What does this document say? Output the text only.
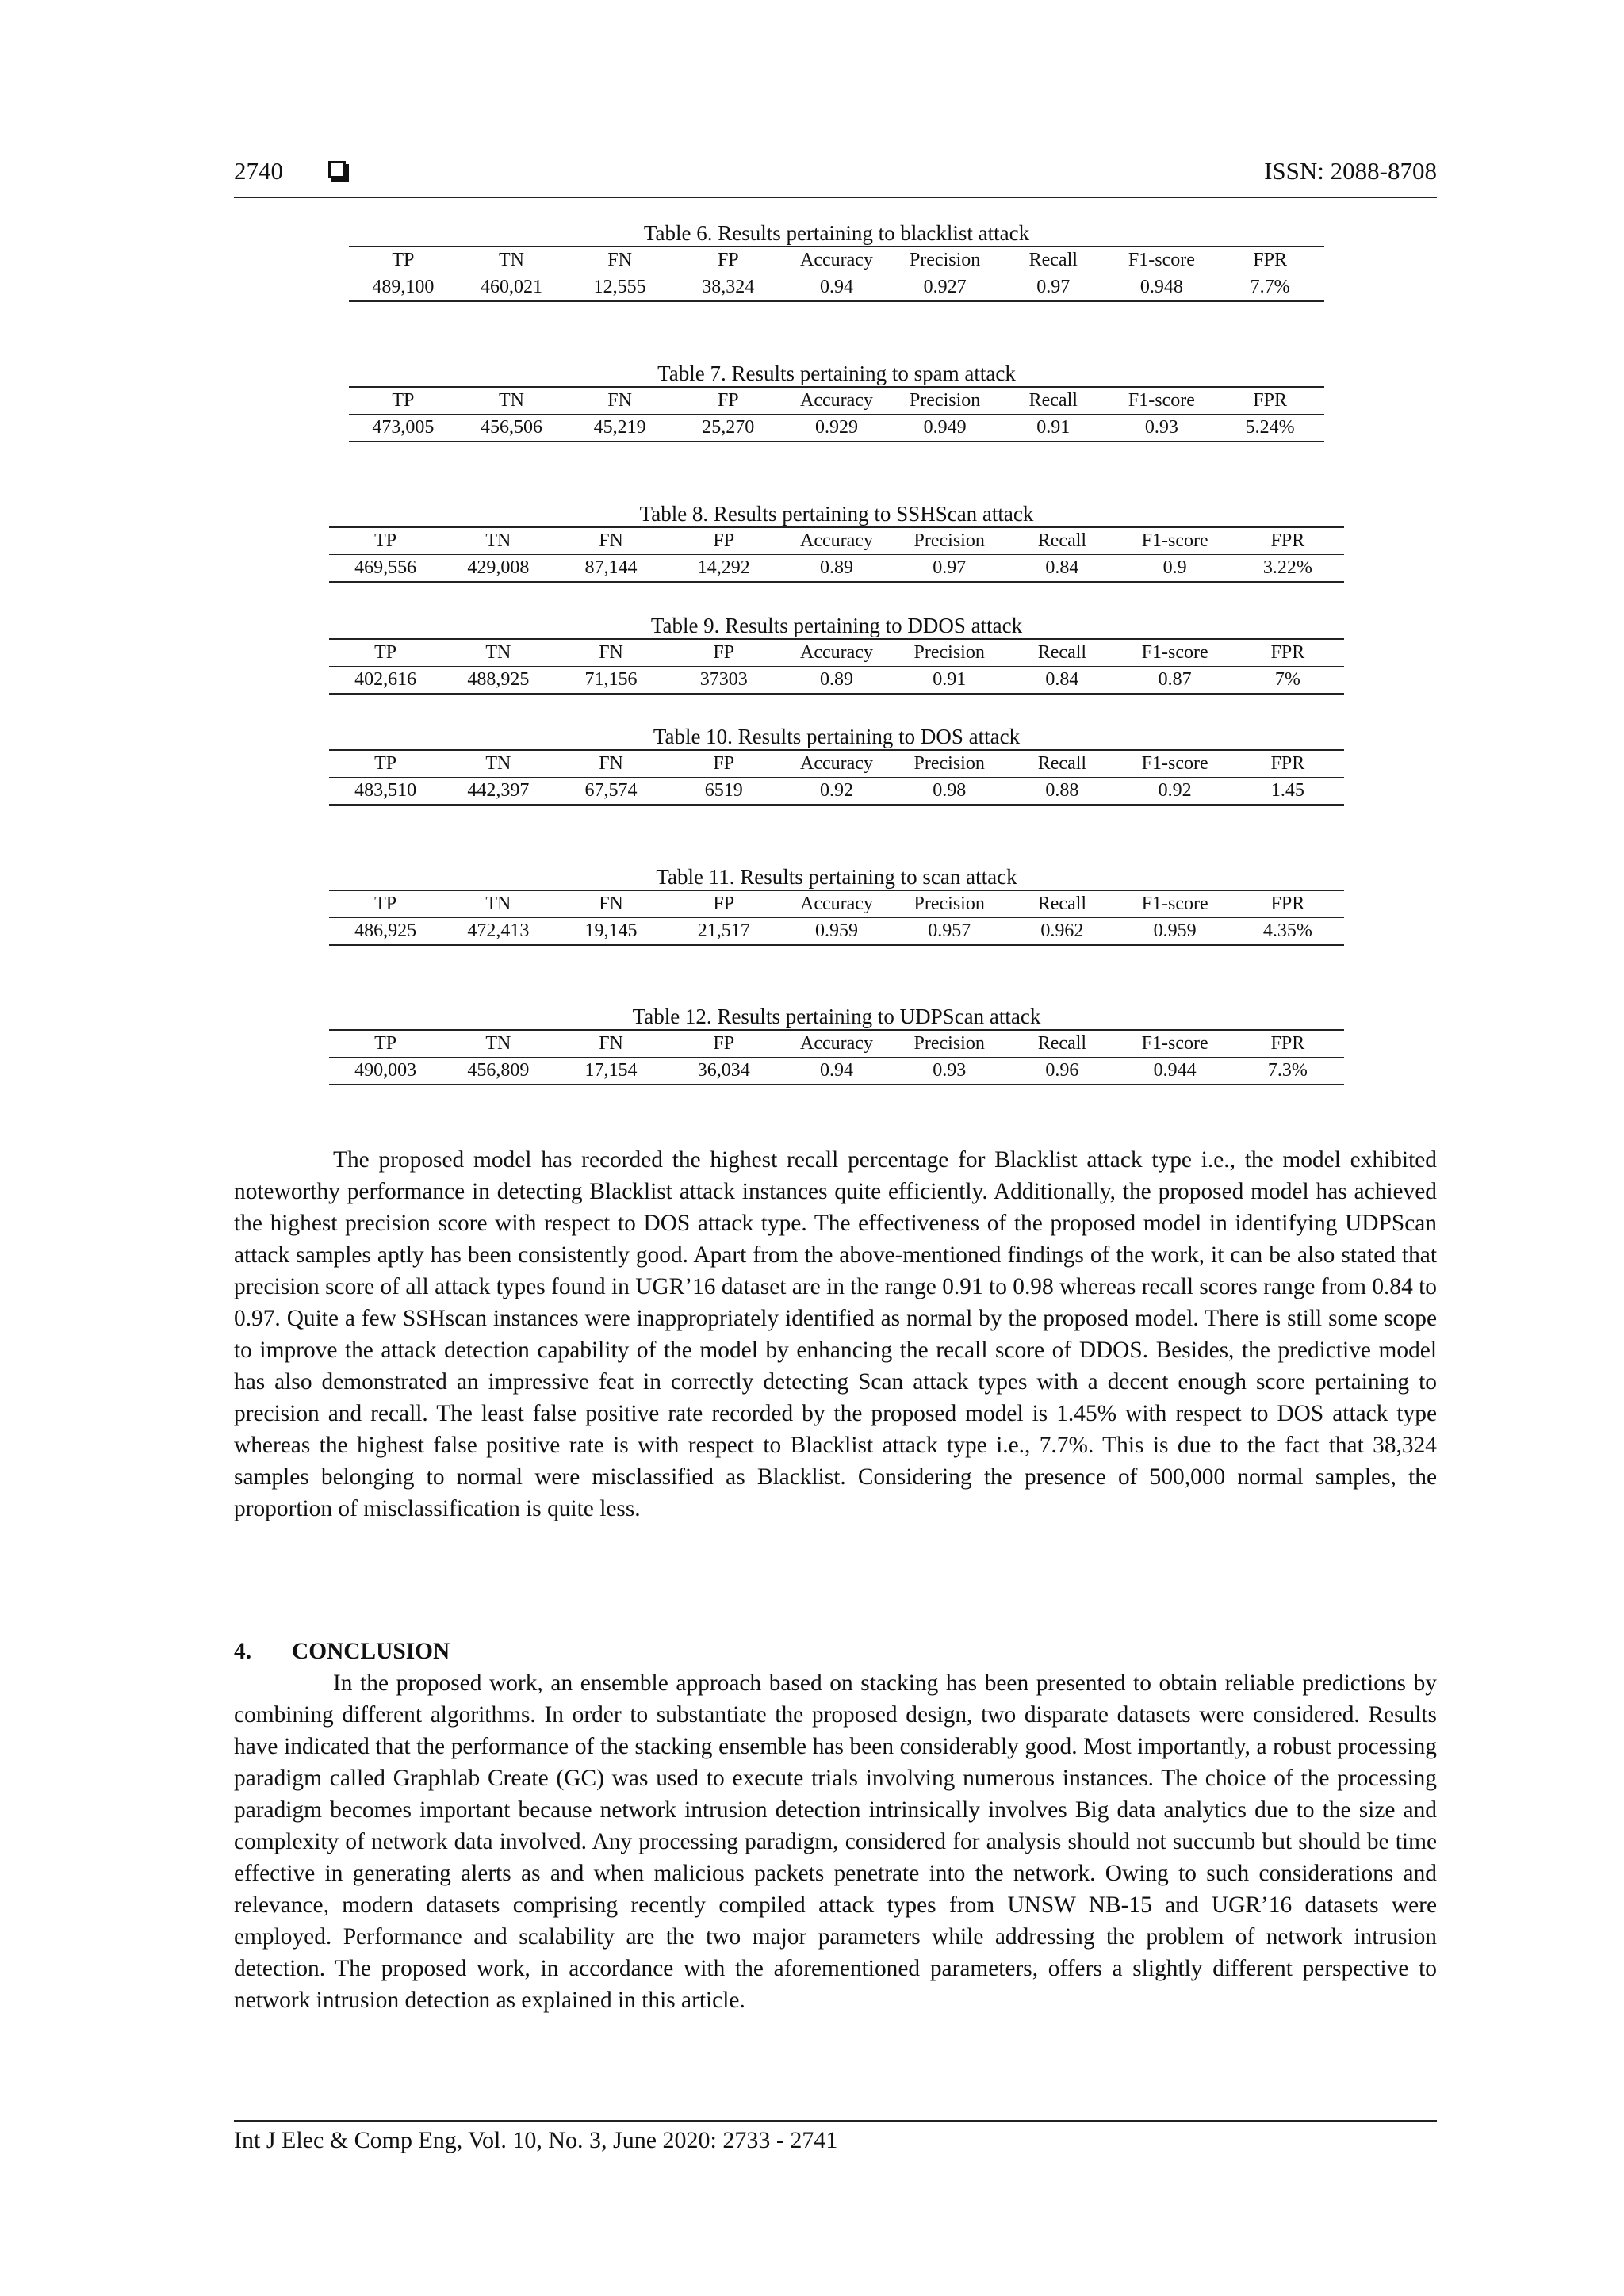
2740	ISSN: 2088-8708
Table 6. Results pertaining to blacklist attack
TP	TN	FN	FP	Accuracy	Precision	Recall	F1-score	FPR
489,100	460,021	12,555	38,324	0.94	0.927	0.97	0.948	7.7%
Table 7. Results pertaining to spam attack
TP	TN	FN	FP	Accuracy	Precision	Recall	F1-score	FPR
473,005	456,506	45,219	25,270	0.929	0.949	0.91	0.93	5.24%
Table 8. Results pertaining to SSHScan attack
TP	TN	FN	FP	Accuracy	Precision	Recall	F1-score	FPR
469,556	429,008	87,144	14,292	0.89	0.97	0.84	0.9	3.22%
Table 9. Results pertaining to DDOS attack
TP	TN	FN	FP	Accuracy	Precision	Recall	F1-score	FPR
402,616	488,925	71,156	37303	0.89	0.91	0.84	0.87	7%
Table 10. Results pertaining to DOS attack
TP	TN	FN	FP	Accuracy	Precision	Recall	F1-score	FPR
483,510	442,397	67,574	6519	0.92	0.98	0.88	0.92	1.45
Table 11. Results pertaining to scan attack
TP	TN	FN	FP	Accuracy	Precision	Recall	F1-score	FPR
486,925	472,413	19,145	21,517	0.959	0.957	0.962	0.959	4.35%
Table 12. Results pertaining to UDPScan attack
TP	TN	FN	FP	Accuracy	Precision	Recall	F1-score	FPR
490,003	456,809	17,154	36,034	0.94	0.93	0.96	0.944	7.3%

The proposed model has recorded the highest recall percentage for Blacklist attack type i.e., the model exhibited noteworthy performance in detecting Blacklist attack instances quite efficiently. Additionally, the proposed model has achieved the highest precision score with respect to DOS attack type. The effectiveness of the proposed model in identifying UDPScan attack samples aptly has been consistently good. Apart from the above-mentioned findings of the work, it can be also stated that precision score of all attack types found in UGR’16 dataset are in the range 0.91 to 0.98 whereas recall scores range from 0.84 to 0.97. Quite a few SSHscan instances were inappropriately identified as normal by the proposed model. There is still some scope to improve the attack detection capability of the model by enhancing the recall score of DDOS. Besides, the predictive model has also demonstrated an impressive feat in correctly detecting Scan attack types with a decent enough score pertaining to precision and recall. The least false positive rate recorded by the proposed model is 1.45% with respect to DOS attack type whereas the highest false positive rate is with respect to Blacklist attack type i.e., 7.7%. This is due to the fact that 38,324 samples belonging to normal were misclassified as Blacklist. Considering the presence of 500,000 normal samples, the proportion of misclassification is quite less.

4. CONCLUSION

In the proposed work, an ensemble approach based on stacking has been presented to obtain reliable predictions by combining different algorithms. In order to substantiate the proposed design, two disparate datasets were considered. Results have indicated that the performance of the stacking ensemble has been considerably good. Most importantly, a robust processing paradigm called Graphlab Create (GC) was used to execute trials involving numerous instances. The choice of the processing paradigm becomes important because network intrusion detection intrinsically involves Big data analytics due to the size and complexity of network data involved. Any processing paradigm, considered for analysis should not succumb but should be time effective in generating alerts as and when malicious packets penetrate into the network. Owing to such considerations and relevance, modern datasets comprising recently compiled attack types from UNSW NB-15 and UGR’16 datasets were employed. Performance and scalability are the two major parameters while addressing the problem of network intrusion detection. The proposed work, in accordance with the aforementioned parameters, offers a slightly different perspective to network intrusion detection as explained in this article.

Int J Elec & Comp Eng, Vol. 10, No. 3, June 2020: 2733 - 2741
